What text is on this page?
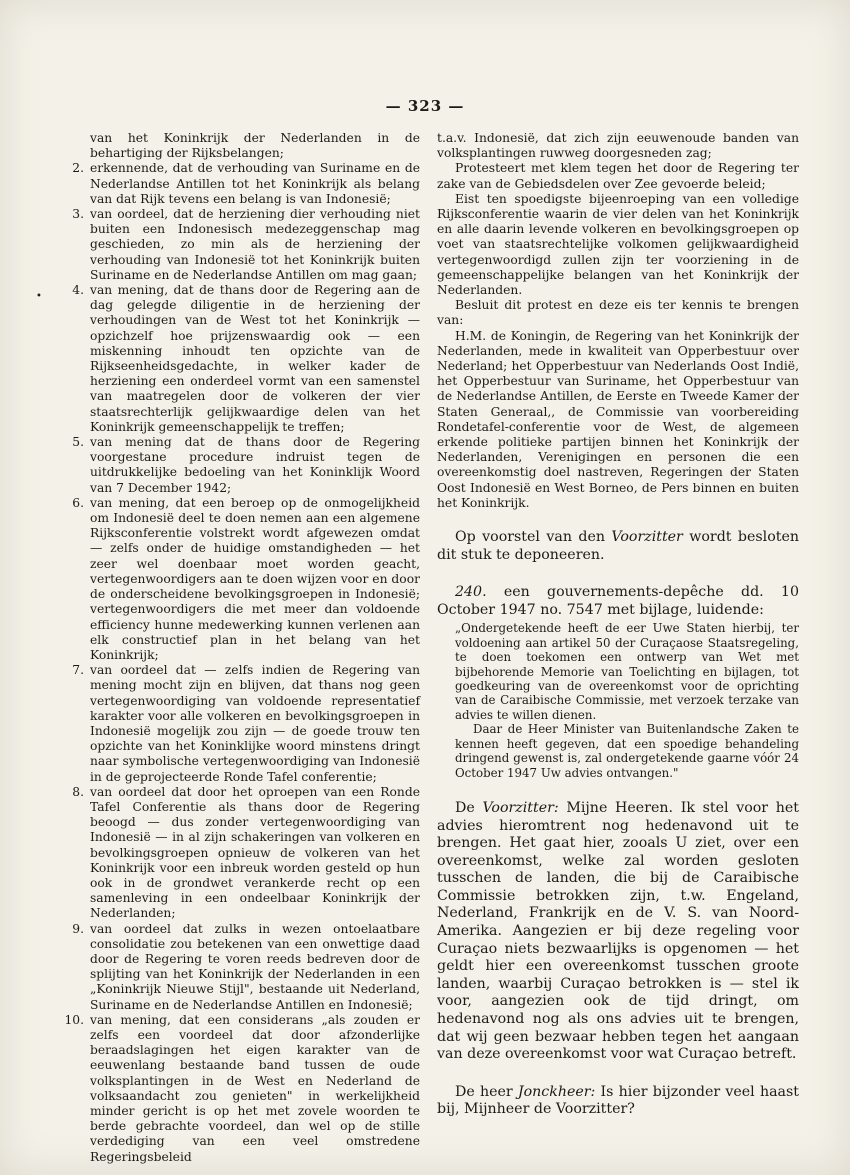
— 323 —
•

van het Koninkrijk der Nederlanden in de behartiging der Rijksbelangen;

2. erkennende, dat de verhouding van Suriname en de Nederlandse Antillen tot het Koninkrijk als belang van dat Rijk tevens een belang is van Indonesië;
3. van oordeel, dat de herziening dier verhouding niet buiten een Indonesisch medezeggenschap mag geschieden, zo min als de herziening der verhouding van Indonesië tot het Koninkrijk buiten Suriname en de Nederlandse Antillen om mag gaan;
4. van mening, dat de thans door de Regering aan de dag gelegde diligentie in de herziening der verhoudingen van de West tot het Koninkrijk — opzichzelf hoe prijzenswaardig ook — een miskenning inhoudt ten opzichte van de Rijkseenheidsgedachte, in welker kader de herziening een onderdeel vormt van een samenstel van maatregelen door de volkeren der vier staatsrechterlijk gelijkwaardige delen van het Koninkrijk gemeenschappelijk te treffen;
5. van mening dat de thans door de Regering voorgestane procedure indruist tegen de uitdrukkelijke bedoeling van het Koninklijk Woord van 7 December 1942;
6. van mening, dat een beroep op de onmogelijkheid om Indonesië deel te doen nemen aan een algemene Rijksconferentie volstrekt wordt afgewezen omdat — zelfs onder de huidige omstandigheden — het zeer wel doenbaar moet worden geacht, vertegenwoordigers aan te doen wijzen voor en door de onderscheidene bevolkingsgroepen in Indonesië; vertegenwoordigers die met meer dan voldoende efficiency hunne medewerking kunnen verlenen aan elk constructief plan in het belang van het Koninkrijk;
7. van oordeel dat — zelfs indien de Regering van mening mocht zijn en blijven, dat thans nog geen vertegenwoordiging van voldoende representatief karakter voor alle volkeren en bevolkingsgroepen in Indonesië mogelijk zou zijn — de goede trouw ten opzichte van het Koninklijke woord minstens dringt naar symbolische vertegenwoordiging van Indonesië in de geprojecteerde Ronde Tafel conferentie;
8. van oordeel dat door het oproepen van een Ronde Tafel Conferentie als thans door de Regering beoogd — dus zonder vertegenwoordiging van Indonesië — in al zijn schakeringen van volkeren en bevolkingsgroepen opnieuw de volkeren van het Koninkrijk voor een inbreuk worden gesteld op hun ook in de grondwet verankerde recht op een samenleving in een ondeelbaar Koninkrijk der Nederlanden;
9. van oordeel dat zulks in wezen ontoelaatbare consolidatie zou betekenen van een onwettige daad door de Regering te voren reeds bedreven door de splijting van het Koninkrijk der Nederlanden in een „Koninkrijk Nieuwe Stijl", bestaande uit Nederland, Suriname en de Nederlandse Antillen en Indonesië;
10. van mening, dat een considerans „als zouden er zelfs een voordeel dat door afzonderlijke beraadslagingen het eigen karakter van de eeuwenlang bestaande band tussen de oude volksplantingen in de West en Nederland de volksaandacht zou genieten" in werkelijkheid minder gericht is op het met zovele woorden te berde gebrachte voordeel, dan wel op de stille verdediging van een veel omstredene Regeringsbeleid

t.a.v. Indonesië, dat zich zijn eeuwenoude banden van volksplantingen ruwweg doorgesneden zag;

Protesteert met klem tegen het door de Regering ter zake van de Gebiedsdelen over Zee gevoerde beleid;

Eist ten spoedigste bijeenroeping van een volledige Rijksconferentie waarin de vier delen van het Koninkrijk en alle daarin levende volkeren en bevolkingsgroepen op voet van staatsrechtelijke volkomen gelijkwaardigheid vertegenwoordigd zullen zijn ter voorziening in de gemeenschappelijke belangen van het Koninkrijk der Nederlanden.

Besluit dit protest en deze eis ter kennis te brengen van:

H.M. de Koningin, de Regering van het Koninkrijk der Nederlanden, mede in kwaliteit van Opperbestuur over Nederland; het Opperbestuur van Nederlands Oost Indië, het Opperbestuur van Suriname, het Opperbestuur van de Nederlandse Antillen, de Eerste en Tweede Kamer der Staten Generaal,, de Commissie van voorbereiding Rondetafel-conferentie voor de West, de algemeen erkende politieke partijen binnen het Koninkrijk der Nederlanden, Verenigingen en personen die een overeenkomstig doel nastreven, Regeringen der Staten Oost Indonesië en West Borneo, de Pers binnen en buiten het Koninkrijk.

Op voorstel van den Voorzitter wordt besloten dit stuk te deponeeren.

240. een gouvernements-depêche dd. 10 October 1947 no. 7547 met bijlage, luidende:

„Ondergetekende heeft de eer Uwe Staten hierbij, ter voldoening aan artikel 50 der Curaçaose Staatsregeling, te doen toekomen een ontwerp van Wet met bijbehorende Memorie van Toelichting en bijlagen, tot goedkeuring van de overeenkomst voor de oprichting van de Caraibische Commissie, met verzoek terzake van advies te willen dienen.

Daar de Heer Minister van Buitenlandsche Zaken te kennen heeft gegeven, dat een spoedige behandeling dringend gewenst is, zal ondergetekende gaarne vóór 24 October 1947 Uw advies ontvangen."

De Voorzitter: Mijne Heeren. Ik stel voor het advies hieromtrent nog hedenavond uit te brengen. Het gaat hier, zooals U ziet, over een overeenkomst, welke zal worden gesloten tusschen de landen, die bij de Caraibische Commissie betrokken zijn, t.w. Engeland, Nederland, Frankrijk en de V. S. van Noord-Amerika. Aangezien er bij deze regeling voor Curaçao niets bezwaarlijks is opgenomen — het geldt hier een overeenkomst tusschen groote landen, waarbij Curaçao betrokken is — stel ik voor, aangezien ook de tijd dringt, om hedenavond nog als ons advies uit te brengen, dat wij geen bezwaar hebben tegen het aangaan van deze overeenkomst voor wat Curaçao betreft.

De heer Jonckheer: Is hier bijzonder veel haast bij, Mijnheer de Voorzitter?
